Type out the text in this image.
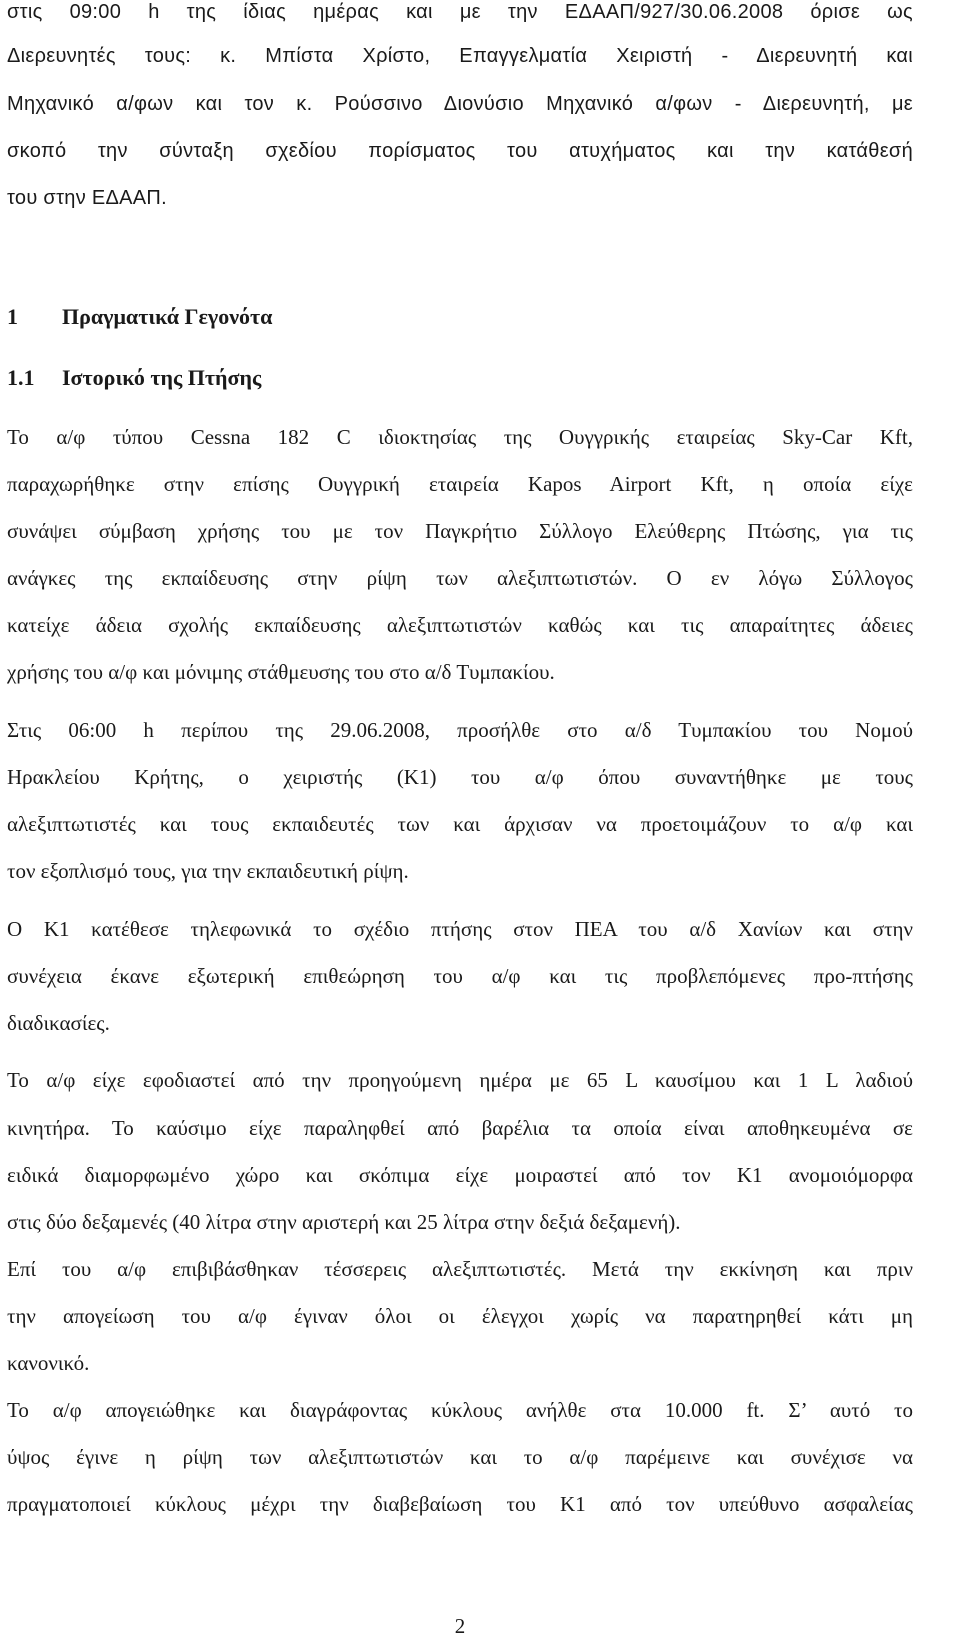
στις 09:00 h της ίδιας ημέρας και με την ΕΔΑΑΠ/927/30.06.2008 όρισε ως
Διερευνητές τους: κ. Μπίστα Χρίστο, Επαγγελματία Χειριστή - Διερευνητή και
Μηχανικό α/φων και τον κ. Ρούσσινο Διονύσιο Μηχανικό α/φων - Διερευνητή, με
σκοπό την σύνταξη σχεδίου πορίσματος του ατυχήματος και την κατάθεσή
του στην ΕΔΑΑΠ.
1 Πραγματικά Γεγονότα
1.1 Ιστορικό της Πτήσης
Το α/φ τύπου Cessna 182 C ιδιοκτησίας της Ουγγρικής εταιρείας Sky-Car Kft,
παραχωρήθηκε στην επίσης Ουγγρική εταιρεία Kapos Airport Kft, η οποία είχε
συνάψει σύμβαση χρήσης του με τον Παγκρήτιο Σύλλογο Ελεύθερης Πτώσης, για τις
ανάγκες της εκπαίδευσης στην ρίψη των αλεξιπτωτιστών. Ο εν λόγω Σύλλογος
κατείχε άδεια σχολής εκπαίδευσης αλεξιπτωτιστών καθώς και τις απαραίτητες άδειες
χρήσης του α/φ και μόνιμης στάθμευσης του στο α/δ Τυμπακίου.
Στις 06:00 h περίπου της 29.06.2008, προσήλθε στο α/δ Τυμπακίου του Νομού
Ηρακλείου Κρήτης, ο χειριστής (Κ1) του α/φ όπου συναντήθηκε με τους
αλεξιπτωτιστές και τους εκπαιδευτές των και άρχισαν να προετοιμάζουν το α/φ και
τον εξοπλισμό τους, για την εκπαιδευτική ρίψη.
Ο Κ1 κατέθεσε τηλεφωνικά το σχέδιο πτήσης στον ΠΕΑ του α/δ Χανίων και στην
συνέχεια έκανε εξωτερική επιθεώρηση του α/φ και τις προβλεπόμενες προ-πτήσης
διαδικασίες.
Το α/φ είχε εφοδιαστεί από την προηγούμενη ημέρα με 65 L καυσίμου και 1 L λαδιού
κινητήρα. Το καύσιμο είχε παραληφθεί από βαρέλια τα οποία είναι αποθηκευμένα σε
ειδικά διαμορφωμένο χώρο και σκόπιμα είχε μοιραστεί από τον Κ1 ανομοιόμορφα
στις δύο δεξαμενές (40 λίτρα στην αριστερή και 25 λίτρα στην δεξιά δεξαμενή).
Επί του α/φ επιβιβάσθηκαν τέσσερεις αλεξιπτωτιστές. Μετά την εκκίνηση και πριν
την απογείωση του α/φ έγιναν όλοι οι έλεγχοι χωρίς να παρατηρηθεί κάτι μη
κανονικό.
Το α/φ απογειώθηκε και διαγράφοντας κύκλους ανήλθε στα 10.000 ft. Σ’ αυτό το
ύψος έγινε η ρίψη των αλεξιπτωτιστών και το α/φ παρέμεινε και συνέχισε να
πραγματοποιεί κύκλους μέχρι την διαβεβαίωση του Κ1 από τον υπεύθυνο ασφαλείας
2
